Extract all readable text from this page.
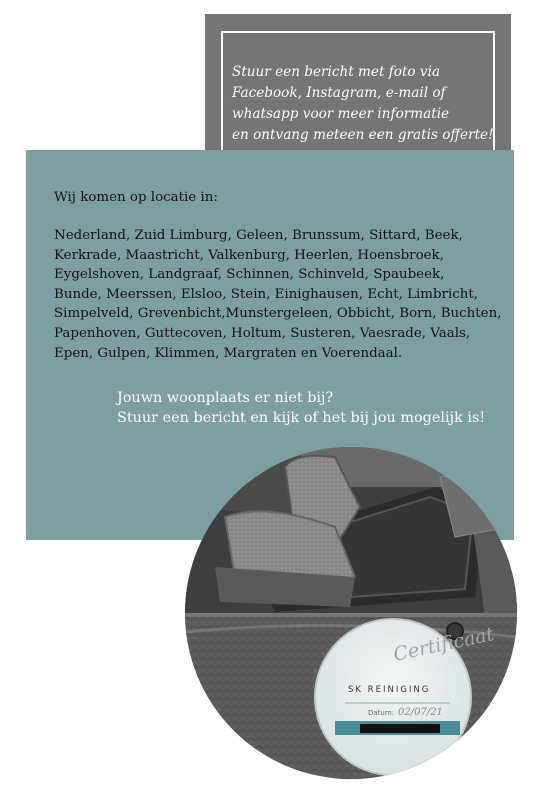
Stuur een bericht met foto via
Facebook, Instagram, e-mail of
whatsapp voor meer informatie
en ontvang meteen een gratis offerte!
Wij komen op locatie in:
Nederland, Zuid Limburg, Geleen, Brunssum, Sittard, Beek,
Kerkrade, Maastricht, Valkenburg, Heerlen, Hoensbroek,
Eygelshoven, Landgraaf, Schinnen, Schinveld, Spaubeek,
Bunde, Meerssen, Elsloo, Stein, Einighausen, Echt, Limbricht,
Simpelveld, Grevenbicht,Munstergeleen, Obbicht, Born, Buchten,
Papenhoven, Guttecoven, Holtum, Susteren, Vaesrade, Vaals,
Epen, Gulpen, Klimmen, Margraten en Voerendaal.
Jouwn woonplaats er niet bij?
Stuur een bericht en kijk of het bij jou mogelijk is!
Certificaat
SK REINIGING
Datum: 02/07/21
